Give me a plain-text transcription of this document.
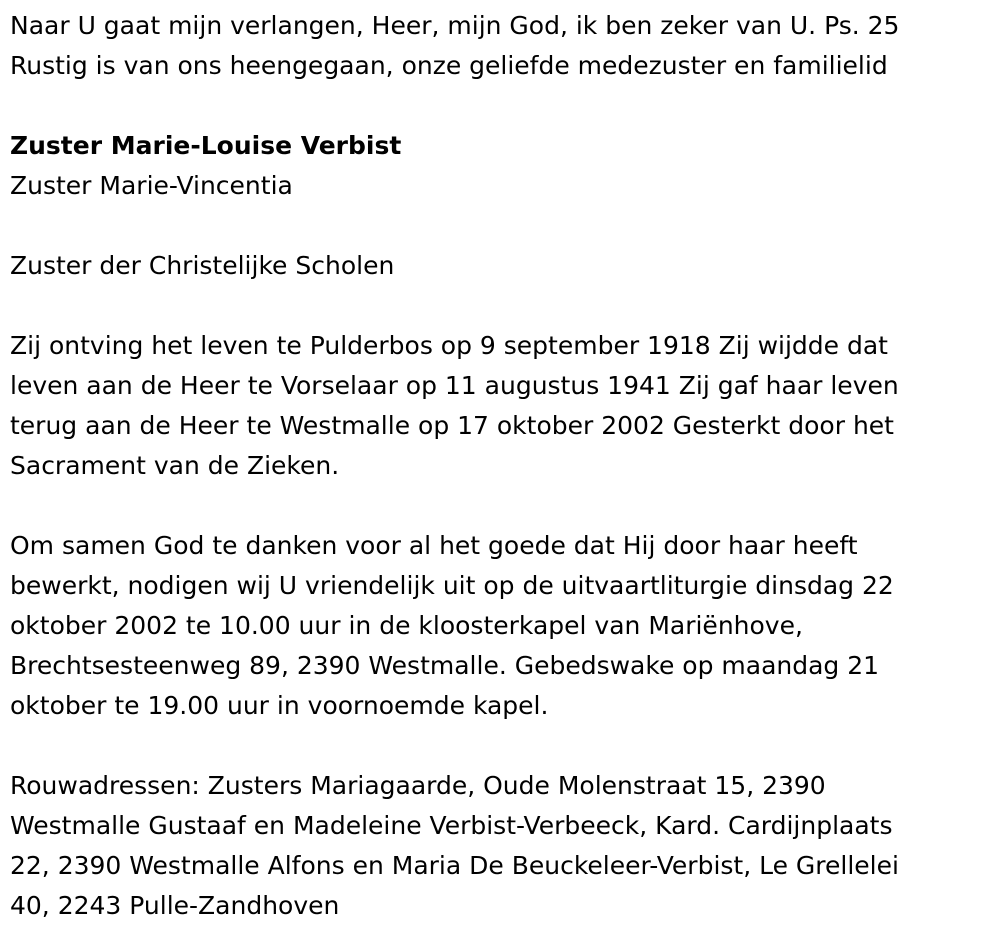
Naar U gaat mijn verlangen, Heer, mijn God, ik ben zeker van U. Ps. 25
Rustig is van ons heengegaan, onze geliefde medezuster en familielid
Zuster Marie-Louise Verbist
Zuster Marie-Vincentia
Zuster der Christelijke Scholen
Zij ontving het leven te Pulderbos op 9 september 1918 Zij wijdde dat
leven aan de Heer te Vorselaar op 11 augustus 1941 Zij gaf haar leven
terug aan de Heer te Westmalle op 17 oktober 2002 Gesterkt door het
Sacrament van de Zieken.
Om samen God te danken voor al het goede dat Hij door haar heeft
bewerkt, nodigen wij U vriendelijk uit op de uitvaartliturgie dinsdag 22
oktober 2002 te 10.00 uur in de kloosterkapel van Mariënhove,
Brechtsesteenweg 89, 2390 Westmalle. Gebedswake op maandag 21
oktober te 19.00 uur in voornoemde kapel.
Rouwadressen: Zusters Mariagaarde, Oude Molenstraat 15, 2390
Westmalle Gustaaf en Madeleine Verbist-Verbeeck, Kard. Cardijnplaats
22, 2390 Westmalle Alfons en Maria De Beuckeleer-Verbist, Le Grellelei
40, 2243 Pulle-Zandhoven
